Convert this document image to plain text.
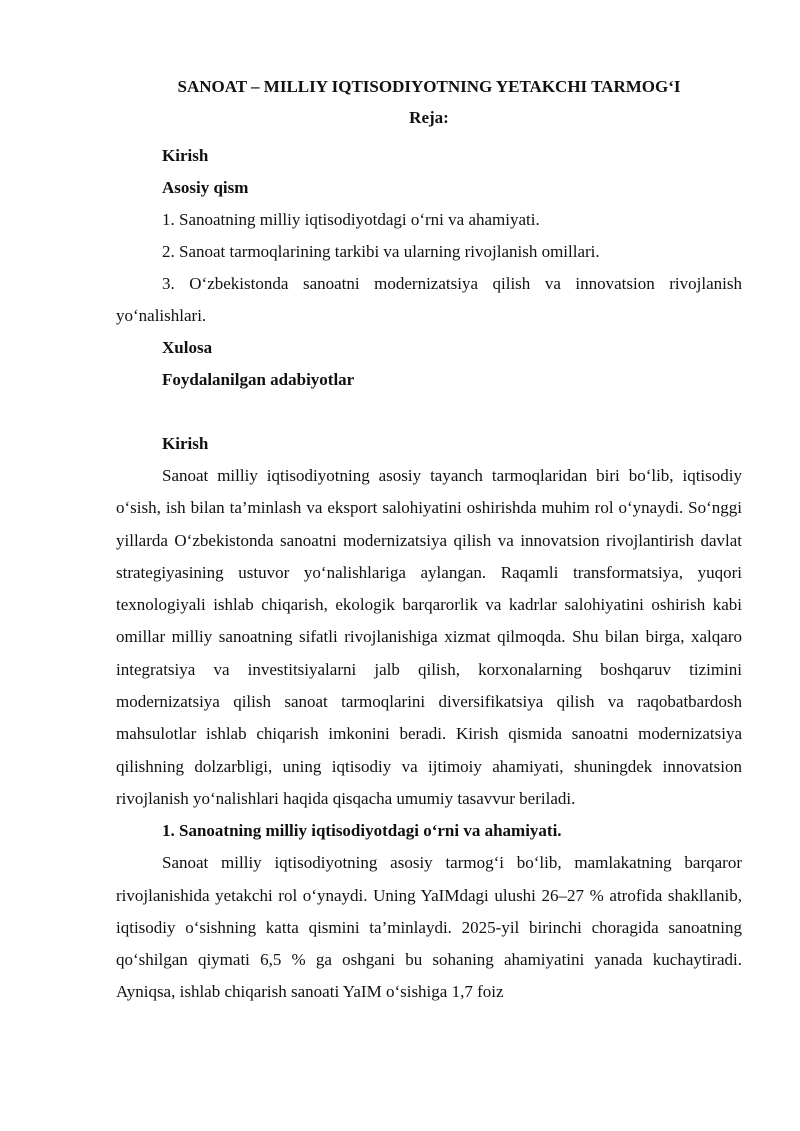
SANOAT – MILLIY IQTISODIYOTNING YETAKCHI TARMOG‘I

Reja:

Kirish
Asosiy qism
1. Sanoatning milliy iqtisodiyotdagi o‘rni va ahamiyati.
2. Sanoat tarmoqlarining tarkibi va ularning rivojlanish omillari.
3. O‘zbekistonda sanoatni modernizatsiya qilish va innovatsion rivojlanish yo‘nalishlari.
Xulosa
Foydalanilgan adabiyotlar

Kirish

Sanoat milliy iqtisodiyotning asosiy tayanch tarmoqlaridan biri bo‘lib, iqtisodiy o‘sish, ish bilan ta’minlash va eksport salohiyatini oshirishda muhim rol o‘ynaydi. So‘nggi yillarda O‘zbekistonda sanoatni modernizatsiya qilish va innovatsion rivojlantirish davlat strategiyasining ustuvor yo‘nalishlariga aylangan. Raqamli transformatsiya, yuqori texnologiyali ishlab chiqarish, ekologik barqarorlik va kadrlar salohiyatini oshirish kabi omillar milliy sanoatning sifatli rivojlanishiga xizmat qilmoqda. Shu bilan birga, xalqaro integratsiya va investitsiyalarni jalb qilish, korxonalarning boshqaruv tizimini modernizatsiya qilish sanoat tarmoqlarini diversifikatsiya qilish va raqobatbardosh mahsulotlar ishlab chiqarish imkonini beradi. Kirish qismida sanoatni modernizatsiya qilishning dolzarbligi, uning iqtisodiy va ijtimoiy ahamiyati, shuningdek innovatsion rivojlanish yo‘nalishlari haqida qisqacha umumiy tasavvur beriladi.

1. Sanoatning milliy iqtisodiyotdagi o‘rni va ahamiyati.

Sanoat milliy iqtisodiyotning asosiy tarmog‘i bo‘lib, mamlakatning barqaror rivojlanishida yetakchi rol o‘ynaydi. Uning YaIMdagi ulushi 26–27 % atrofida shakllanib, iqtisodiy o‘sishning katta qismini ta’minlaydi. 2025-yil birinchi choragida sanoatning qo‘shilgan qiymati 6,5 % ga oshgani bu sohaning ahamiyatini yanada kuchaytiradi. Ayniqsa, ishlab chiqarish sanoati YaIM o‘sishiga 1,7 foiz
